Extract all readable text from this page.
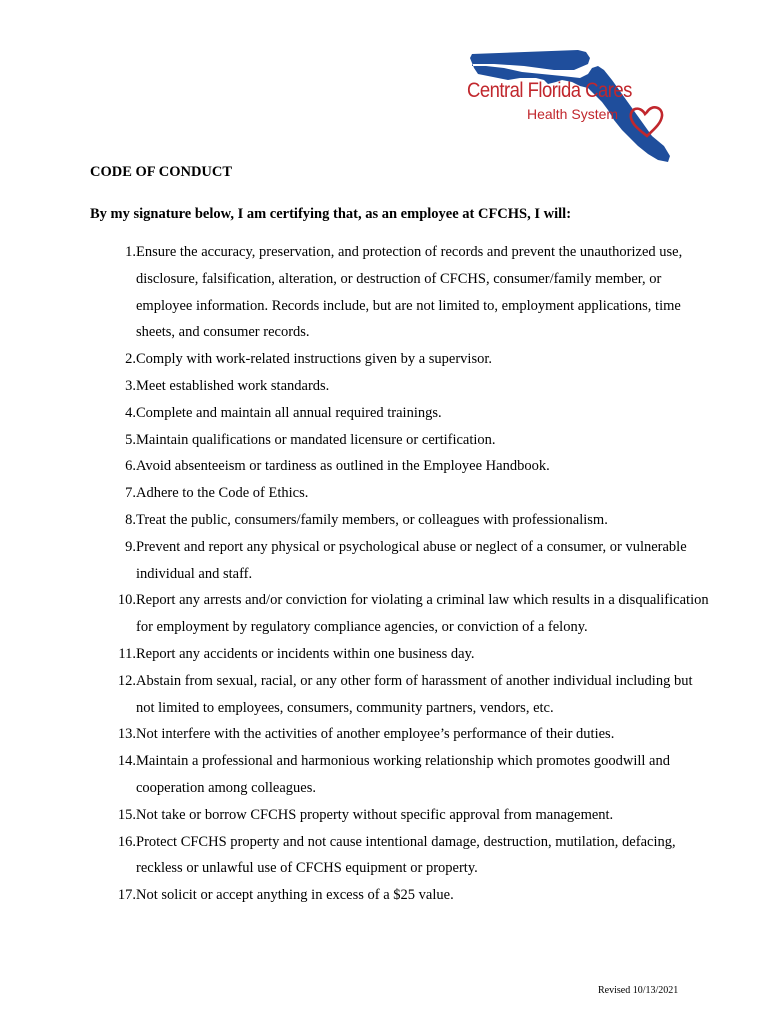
Central Florida Cares
Health System
CODE OF CONDUCT
By my signature below, I am certifying that, as an employee at CFCHS, I will:
1. Ensure the accuracy, preservation, and protection of records and prevent the unauthorized use, disclosure, falsification, alteration, or destruction of CFCHS, consumer/family member, or employee information. Records include, but are not limited to, employment applications, time sheets, and consumer records.
2. Comply with work-related instructions given by a supervisor.
3. Meet established work standards.
4. Complete and maintain all annual required trainings.
5. Maintain qualifications or mandated licensure or certification.
6. Avoid absenteeism or tardiness as outlined in the Employee Handbook.
7. Adhere to the Code of Ethics.
8. Treat the public, consumers/family members, or colleagues with professionalism.
9. Prevent and report any physical or psychological abuse or neglect of a consumer, or vulnerable individual and staff.
10. Report any arrests and/or conviction for violating a criminal law which results in a disqualification for employment by regulatory compliance agencies, or conviction of a felony.
11. Report any accidents or incidents within one business day.
12. Abstain from sexual, racial, or any other form of harassment of another individual including but not limited to employees, consumers, community partners, vendors, etc.
13. Not interfere with the activities of another employee’s performance of their duties.
14. Maintain a professional and harmonious working relationship which promotes goodwill and cooperation among colleagues.
15. Not take or borrow CFCHS property without specific approval from management.
16. Protect CFCHS property and not cause intentional damage, destruction, mutilation, defacing, reckless or unlawful use of CFCHS equipment or property.
17. Not solicit or accept anything in excess of a $25 value.
Revised 10/13/2021
